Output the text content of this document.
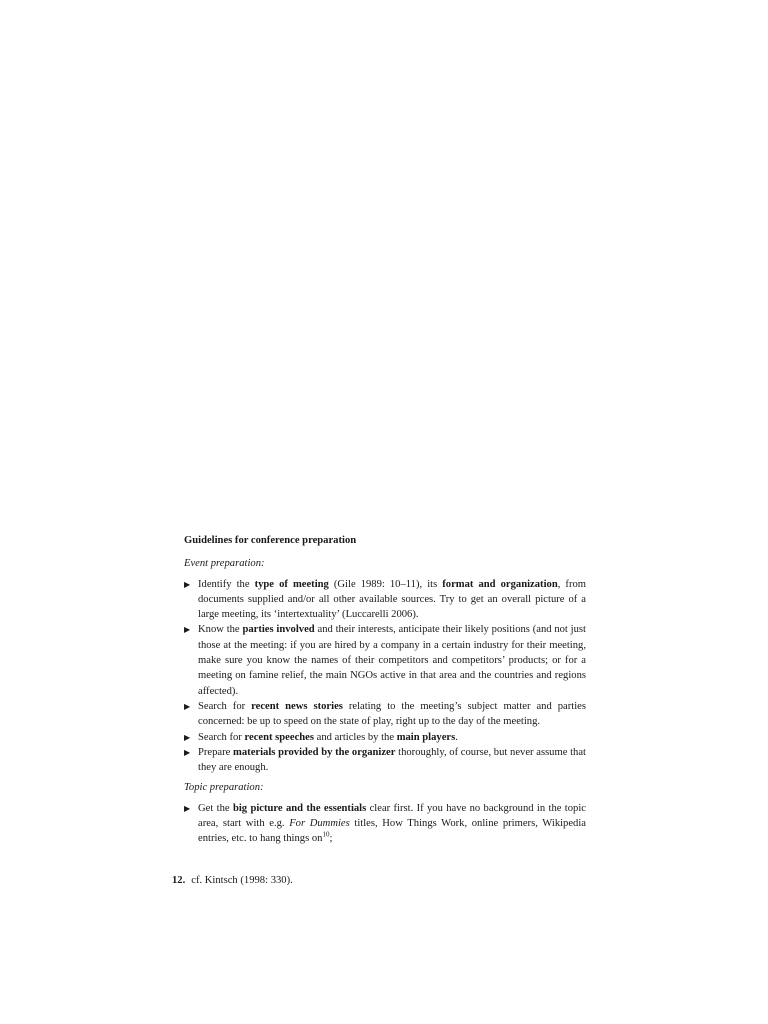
Guidelines for conference preparation

Event preparation:

▶ Identify the type of meeting (Gile 1989: 10–11), its format and organization, from documents supplied and/or all other available sources. Try to get an overall picture of a large meeting, its ‘intertextuality’ (Luccarelli 2006).
▶ Know the parties involved and their interests, anticipate their likely positions (and not just those at the meeting: if you are hired by a company in a certain industry for their meeting, make sure you know the names of their competitors and competitors’ products; or for a meeting on famine relief, the main NGOs active in that area and the countries and regions affected).
▶ Search for recent news stories relating to the meeting’s subject matter and parties concerned: be up to speed on the state of play, right up to the day of the meeting.
▶ Search for recent speeches and articles by the main players.
▶ Prepare materials provided by the organizer thoroughly, of course, but never assume that they are enough.

Topic preparation:

▶ Get the big picture and the essentials clear first. If you have no background in the topic area, start with e.g. For Dummies titles, How Things Work, online primers, Wikipedia entries, etc. to hang things $on^{10}$;
12. cf. Kintsch (1998: 330).
